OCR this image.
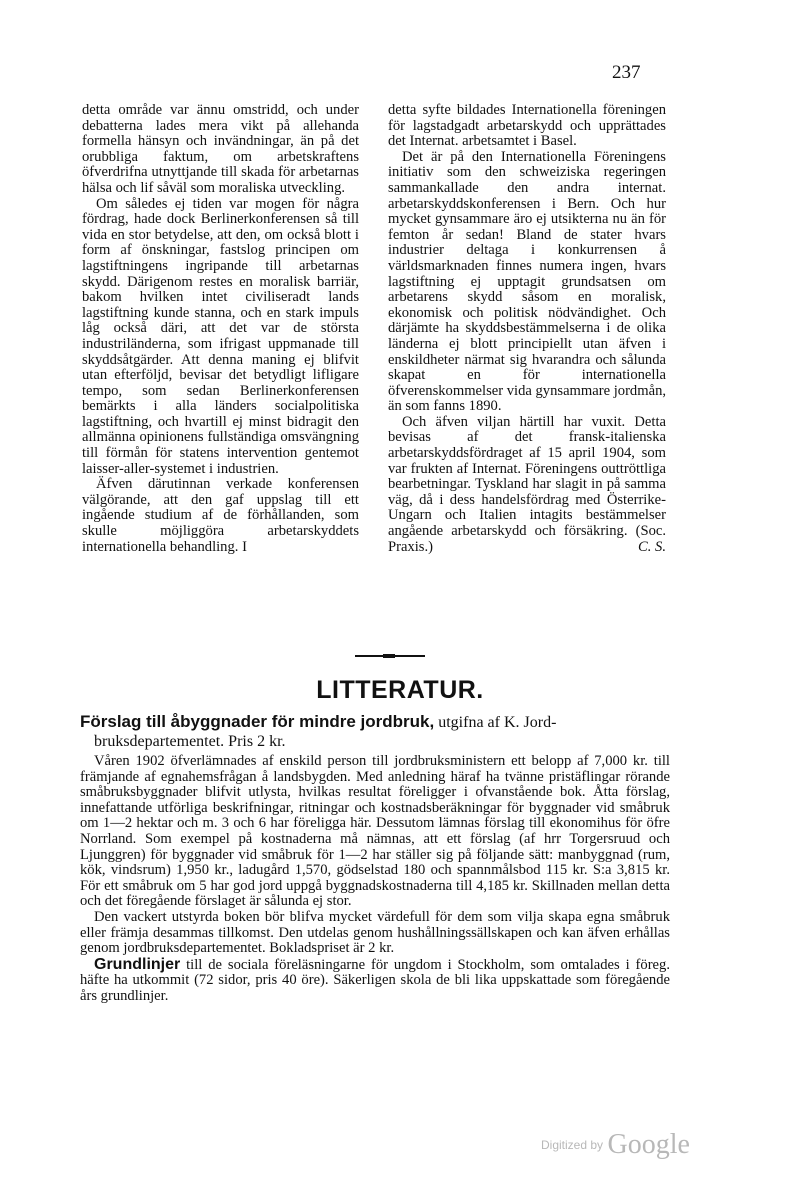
237

detta område var ännu omstridd, och under debatterna lades mera vikt på allehanda formella hänsyn och invändningar, än på det orubbliga faktum, om arbetskraftens öfverdrifna utnyttjande till skada för arbetarnas hälsa och lif såväl som moraliska utveckling.

Om således ej tiden var mogen för några fördrag, hade dock Berlinerkonferensen så till vida en stor betydelse, att den, om också blott i form af önskningar, fastslog principen om lagstiftningens ingripande till arbetarnas skydd. Därigenom restes en moralisk barriär, bakom hvilken intet civiliseradt lands lagstiftning kunde stanna, och en stark impuls låg också däri, att det var de största industriländerna, som ifrigast uppmanade till skyddsåtgärder. Att denna maning ej blifvit utan efterföljd, bevisar det betydligt lifligare tempo, som sedan Berlinerkonferensen bemärkts i alla länders socialpolitiska lagstiftning, och hvartill ej minst bidragit den allmänna opinionens fullständiga omsvängning till förmån för statens intervention gentemot laisser-aller-systemet i industrien.

Äfven därutinnan verkade konferensen välgörande, att den gaf uppslag till ett ingående studium af de förhållanden, som skulle möjliggöra arbetarskyddets internationella behandling. I

detta syfte bildades Internationella föreningen för lagstadgadt arbetarskydd och upprättades det Internat. arbetsamtet i Basel.

Det är på den Internationella Föreningens initiativ som den schweiziska regeringen sammankallade den andra internat. arbetarskyddskonferensen i Bern. Och hur mycket gynsammare äro ej utsikterna nu än för femton år sedan! Bland de stater hvars industrier deltaga i konkurrensen å världsmarknaden finnes numera ingen, hvars lagstiftning ej upptagit grundsatsen om arbetarens skydd såsom en moralisk, ekonomisk och politisk nödvändighet. Och därjämte ha skyddsbestämmelserna i de olika länderna ej blott principiellt utan äfven i enskildheter närmat sig hvarandra och sålunda skapat en för internationella öfverenskommelser vida gynsammare jordmån, än som fanns 1890.

Och äfven viljan härtill har vuxit. Detta bevisas af det fransk-italienska arbetarskyddsfördraget af 15 april 1904, som var frukten af Internat. Föreningens outtröttliga bearbetningar. Tyskland har slagit in på samma väg, då i dess handelsfördrag med Österrike-Ungarn och Italien intagits bestämmelser angående arbetarskydd och försäkring. (Soc. Praxis.)	C. S.

LITTERATUR.

Förslag till åbyggnader för mindre jordbruk, utgifna af K. Jord-
bruksdepartementet. Pris 2 kr.

Våren 1902 öfverlämnades af enskild person till jordbruksministern ett belopp af 7,000 kr. till främjande af egnahemsfrågan å landsbygden. Med anledning häraf ha tvänne pristäflingar rörande småbruksbyggnader blifvit utlysta, hvilkas resultat föreligger i ofvanstående bok. Åtta förslag, innefattande utförliga beskrifningar, ritningar och kostnadsberäkningar för byggnader vid småbruk om 1—2 hektar och m. 3 och 6 har föreligga här. Dessutom lämnas förslag till ekonomihus för öfre Norrland. Som exempel på kostnaderna må nämnas, att ett förslag (af hrr Torgersruud och Ljunggren) för byggnader vid småbruk för 1—2 har ställer sig på följande sätt: manbyggnad (rum, kök, vindsrum) 1,950 kr., ladugård 1,570, gödselstad 180 och spannmålsbod 115 kr. S:a 3,815 kr. För ett småbruk om 5 har god jord uppgå byggnadskostnaderna till 4,185 kr. Skillnaden mellan detta och det föregående förslaget är sålunda ej stor.

Den vackert utstyrda boken bör blifva mycket värdefull för dem som vilja skapa egna småbruk eller främja desammas tillkomst. Den utdelas genom hushållningssällskapen och kan äfven erhållas genom jordbruksdepartementet. Bokladspriset är 2 kr.

Grundlinjer till de sociala föreläsningarne för ungdom i Stockholm, som omtalades i föreg. häfte ha utkommit (72 sidor, pris 40 öre). Säkerligen skola de bli lika uppskattade som föregående års grundlinjer.

Digitized by Google
